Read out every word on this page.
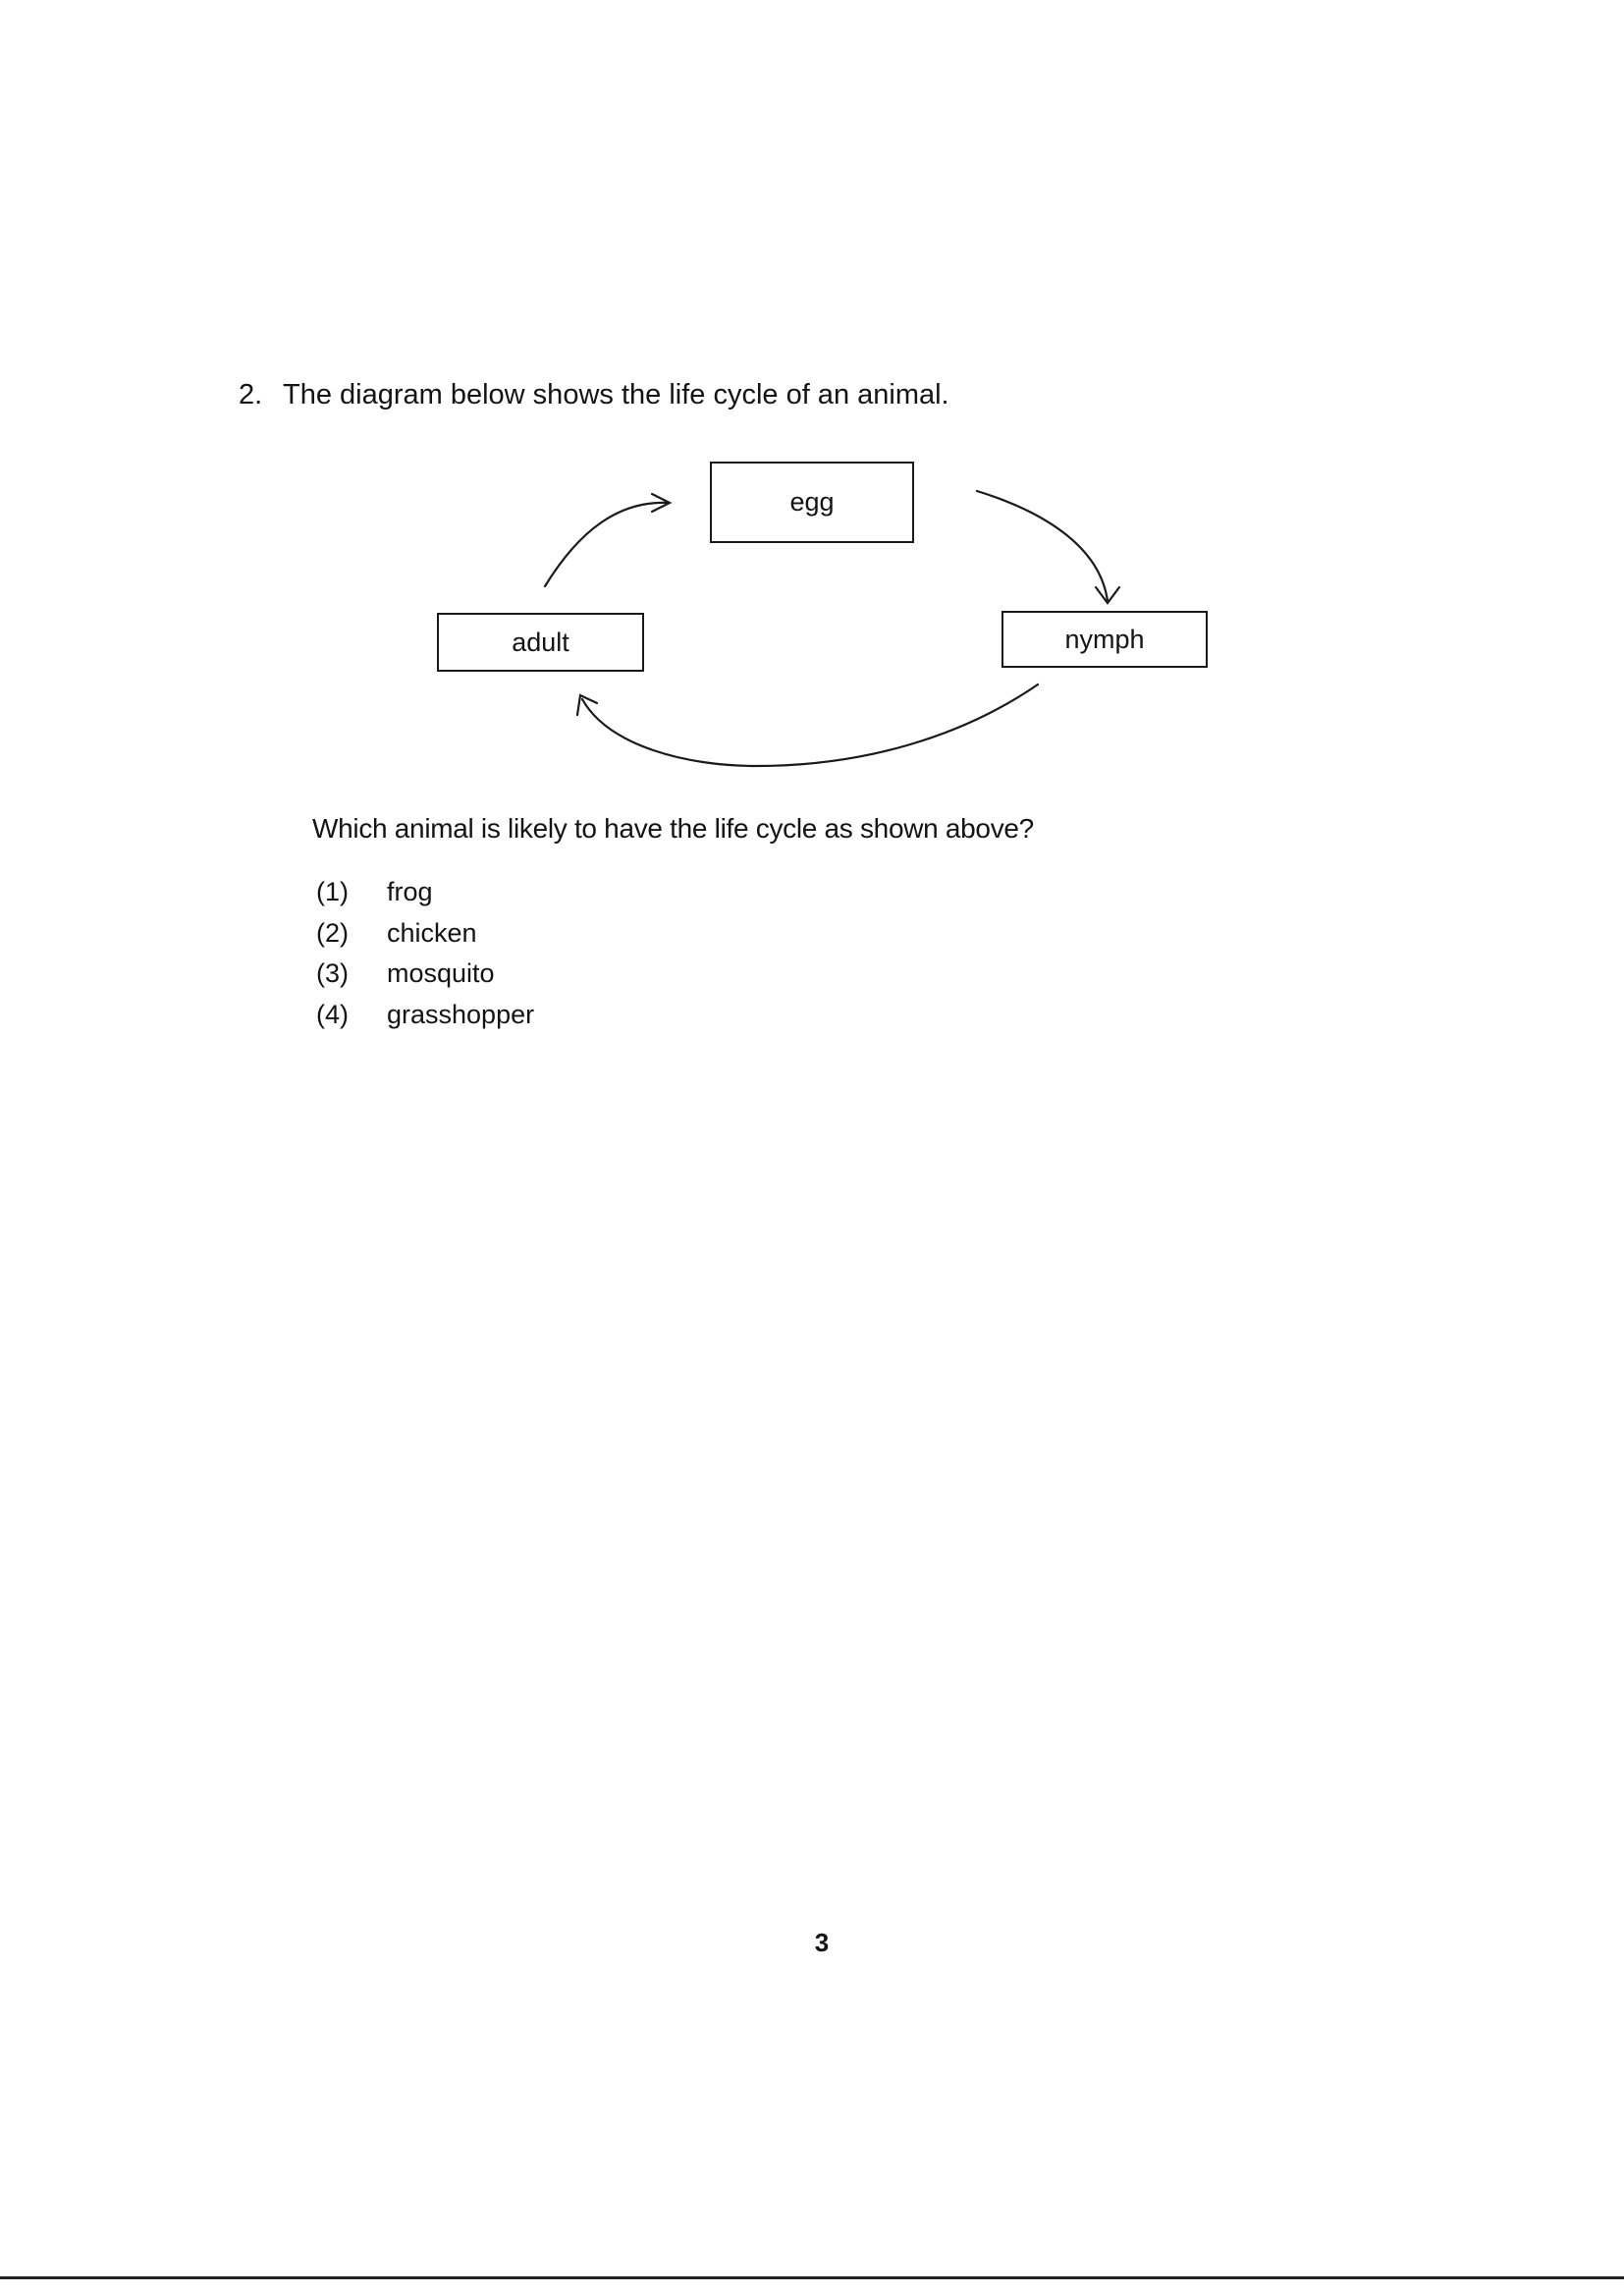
2. The diagram below shows the life cycle of an animal.
egg
adult	nymph
Which animal is likely to have the life cycle as shown above?
(1) frog
(2) chicken
(3) mosquito
(4) grasshopper
3
